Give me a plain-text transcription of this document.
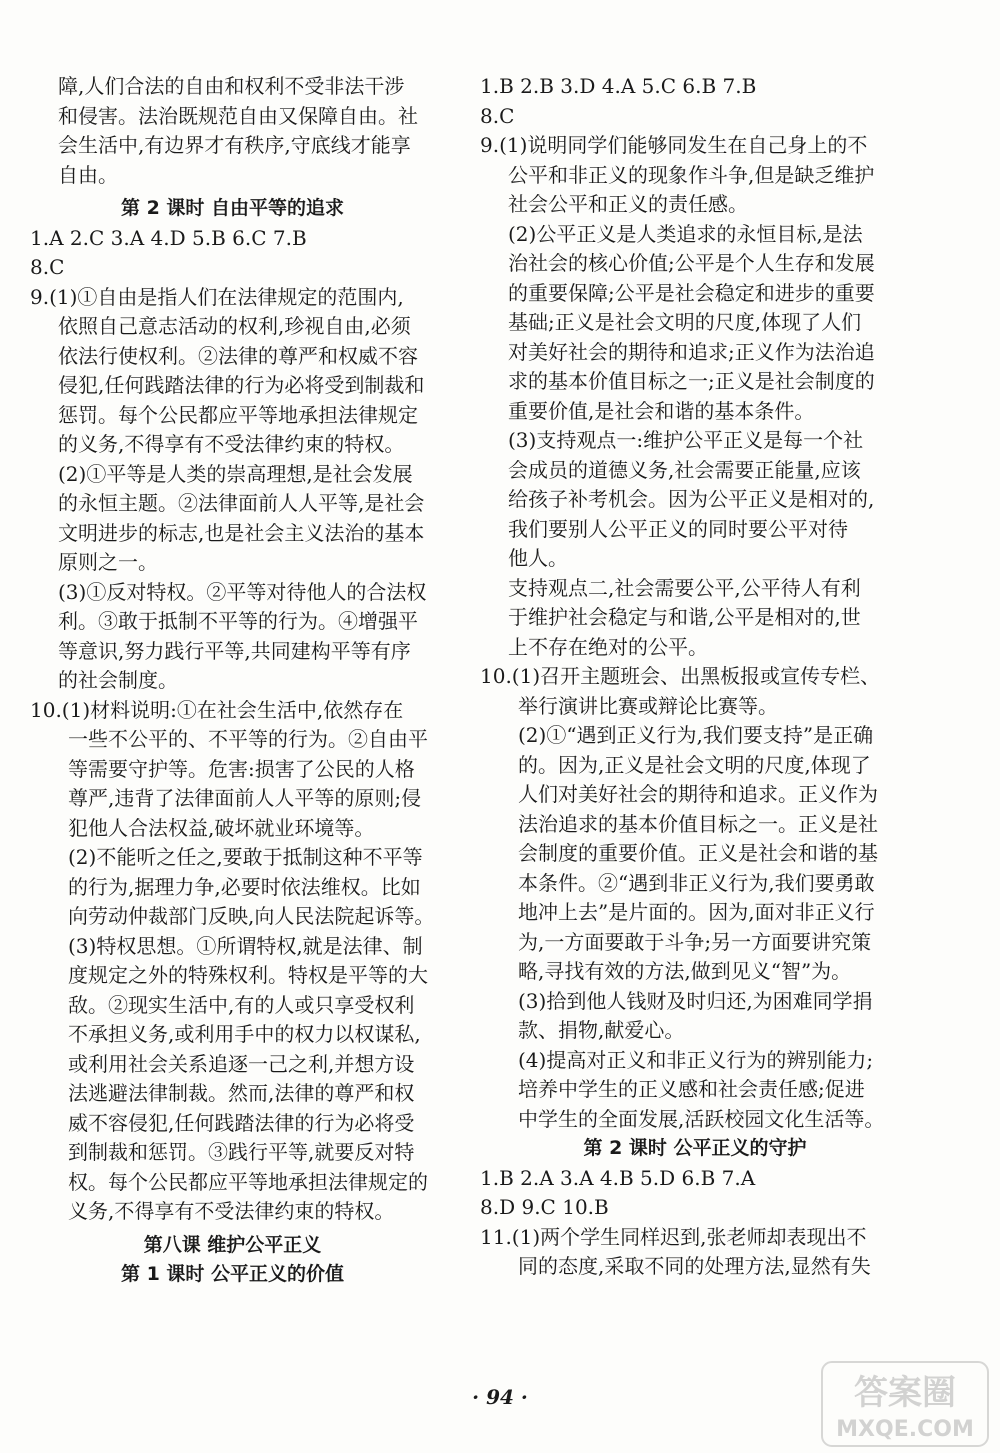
障,人们合法的自由和权利不受非法干涉
和侵害。法治既规范自由又保障自由。社
会生活中,有边界才有秩序,守底线才能享
自由。
第 2 课时 自由平等的追求
1.A 2.C 3.A 4.D 5.B 6.C 7.B
8.C
9.(1)①自由是指人们在法律规定的范围内,
依照自己意志活动的权利,珍视自由,必须
依法行使权利。②法律的尊严和权威不容
侵犯,任何践踏法律的行为必将受到制裁和
惩罚。每个公民都应平等地承担法律规定
的义务,不得享有不受法律约束的特权。
(2)①平等是人类的崇高理想,是社会发展
的永恒主题。②法律面前人人平等,是社会
文明进步的标志,也是社会主义法治的基本
原则之一。
(3)①反对特权。②平等对待他人的合法权
利。③敢于抵制不平等的行为。④增强平
等意识,努力践行平等,共同建构平等有序
的社会制度。
10.(1)材料说明:①在社会生活中,依然存在
一些不公平的、不平等的行为。②自由平
等需要守护等。危害:损害了公民的人格
尊严,违背了法律面前人人平等的原则;侵
犯他人合法权益,破坏就业环境等。
(2)不能听之任之,要敢于抵制这种不平等
的行为,据理力争,必要时依法维权。比如
向劳动仲裁部门反映,向人民法院起诉等。
(3)特权思想。①所谓特权,就是法律、制
度规定之外的特殊权利。特权是平等的大
敌。②现实生活中,有的人或只享受权利
不承担义务,或利用手中的权力以权谋私,
或利用社会关系追逐一己之利,并想方设
法逃避法律制裁。然而,法律的尊严和权
威不容侵犯,任何践踏法律的行为必将受
到制裁和惩罚。③践行平等,就要反对特
权。每个公民都应平等地承担法律规定的
义务,不得享有不受法律约束的特权。
第八课 维护公平正义
第 1 课时 公平正义的价值
1.B 2.B 3.D 4.A 5.C 6.B 7.B
8.C
9.(1)说明同学们能够同发生在自己身上的不
公平和非正义的现象作斗争,但是缺乏维护
社会公平和正义的责任感。
(2)公平正义是人类追求的永恒目标,是法
治社会的核心价值;公平是个人生存和发展
的重要保障;公平是社会稳定和进步的重要
基础;正义是社会文明的尺度,体现了人们
对美好社会的期待和追求;正义作为法治追
求的基本价值目标之一;正义是社会制度的
重要价值,是社会和谐的基本条件。
(3)支持观点一:维护公平正义是每一个社
会成员的道德义务,社会需要正能量,应该
给孩子补考机会。因为公平正义是相对的,
我们要别人公平正义的同时要公平对待
他人。
支持观点二,社会需要公平,公平待人有利
于维护社会稳定与和谐,公平是相对的,世
上不存在绝对的公平。
10.(1)召开主题班会、出黑板报或宣传专栏、
举行演讲比赛或辩论比赛等。
(2)①“遇到正义行为,我们要支持”是正确
的。因为,正义是社会文明的尺度,体现了
人们对美好社会的期待和追求。正义作为
法治追求的基本价值目标之一。正义是社
会制度的重要价值。正义是社会和谐的基
本条件。②“遇到非正义行为,我们要勇敢
地冲上去”是片面的。因为,面对非正义行
为,一方面要敢于斗争;另一方面要讲究策
略,寻找有效的方法,做到见义“智”为。
(3)拾到他人钱财及时归还,为困难同学捐
款、捐物,献爱心。
(4)提高对正义和非正义行为的辨别能力;
培养中学生的正义感和社会责任感;促进
中学生的全面发展,活跃校园文化生活等。
第 2 课时 公平正义的守护
1.B 2.A 3.A 4.B 5.D 6.B 7.A
8.D 9.C 10.B
11.(1)两个学生同样迟到,张老师却表现出不
同的态度,采取不同的处理方法,显然有失
· 94 ·	答案圈
MXQE.COM
